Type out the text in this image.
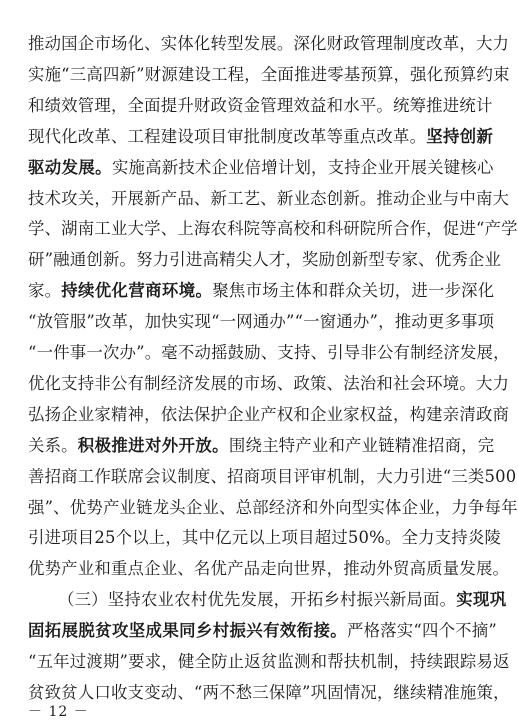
推动国企市场化、实体化转型发展。深化财政管理制度改革，大力
实施“三高四新”财源建设工程，全面推进零基预算，强化预算约束
和绩效管理，全面提升财政资金管理效益和水平。统筹推进统计
现代化改革、工程建设项目审批制度改革等重点改革。坚持创新
驱动发展。实施高新技术企业倍增计划，支持企业开展关键核心
技术攻关，开展新产品、新工艺、新业态创新。推动企业与中南大
学、湖南工业大学、上海农科院等高校和科研院所合作，促进“产学
研”融通创新。努力引进高精尖人才，奖励创新型专家、优秀企业
家。持续优化营商环境。聚焦市场主体和群众关切，进一步深化
“放管服”改革，加快实现“一网通办”“一窗通办”，推动更多事项
“一件事一次办”。毫不动摇鼓励、支持、引导非公有制经济发展，
优化支持非公有制经济发展的市场、政策、法治和社会环境。大力
弘扬企业家精神，依法保护企业产权和企业家权益，构建亲清政商
关系。积极推进对外开放。围绕主特产业和产业链精准招商，完
善招商工作联席会议制度、招商项目评审机制，大力引进“三类500
强”、优势产业链龙头企业、总部经济和外向型实体企业，力争每年
引进项目25个以上，其中亿元以上项目超过50%。全力支持炎陵
优势产业和重点企业、名优产品走向世界，推动外贸高质量发展。
（三）坚持农业农村优先发展，开拓乡村振兴新局面。实现巩
固拓展脱贫攻坚成果同乡村振兴有效衔接。严格落实“四个不摘”
“五年过渡期”要求，健全防止返贫监测和帮扶机制，持续跟踪易返
贫致贫人口收支变动、“两不愁三保障”巩固情况，继续精准施策，
－ 12 －
